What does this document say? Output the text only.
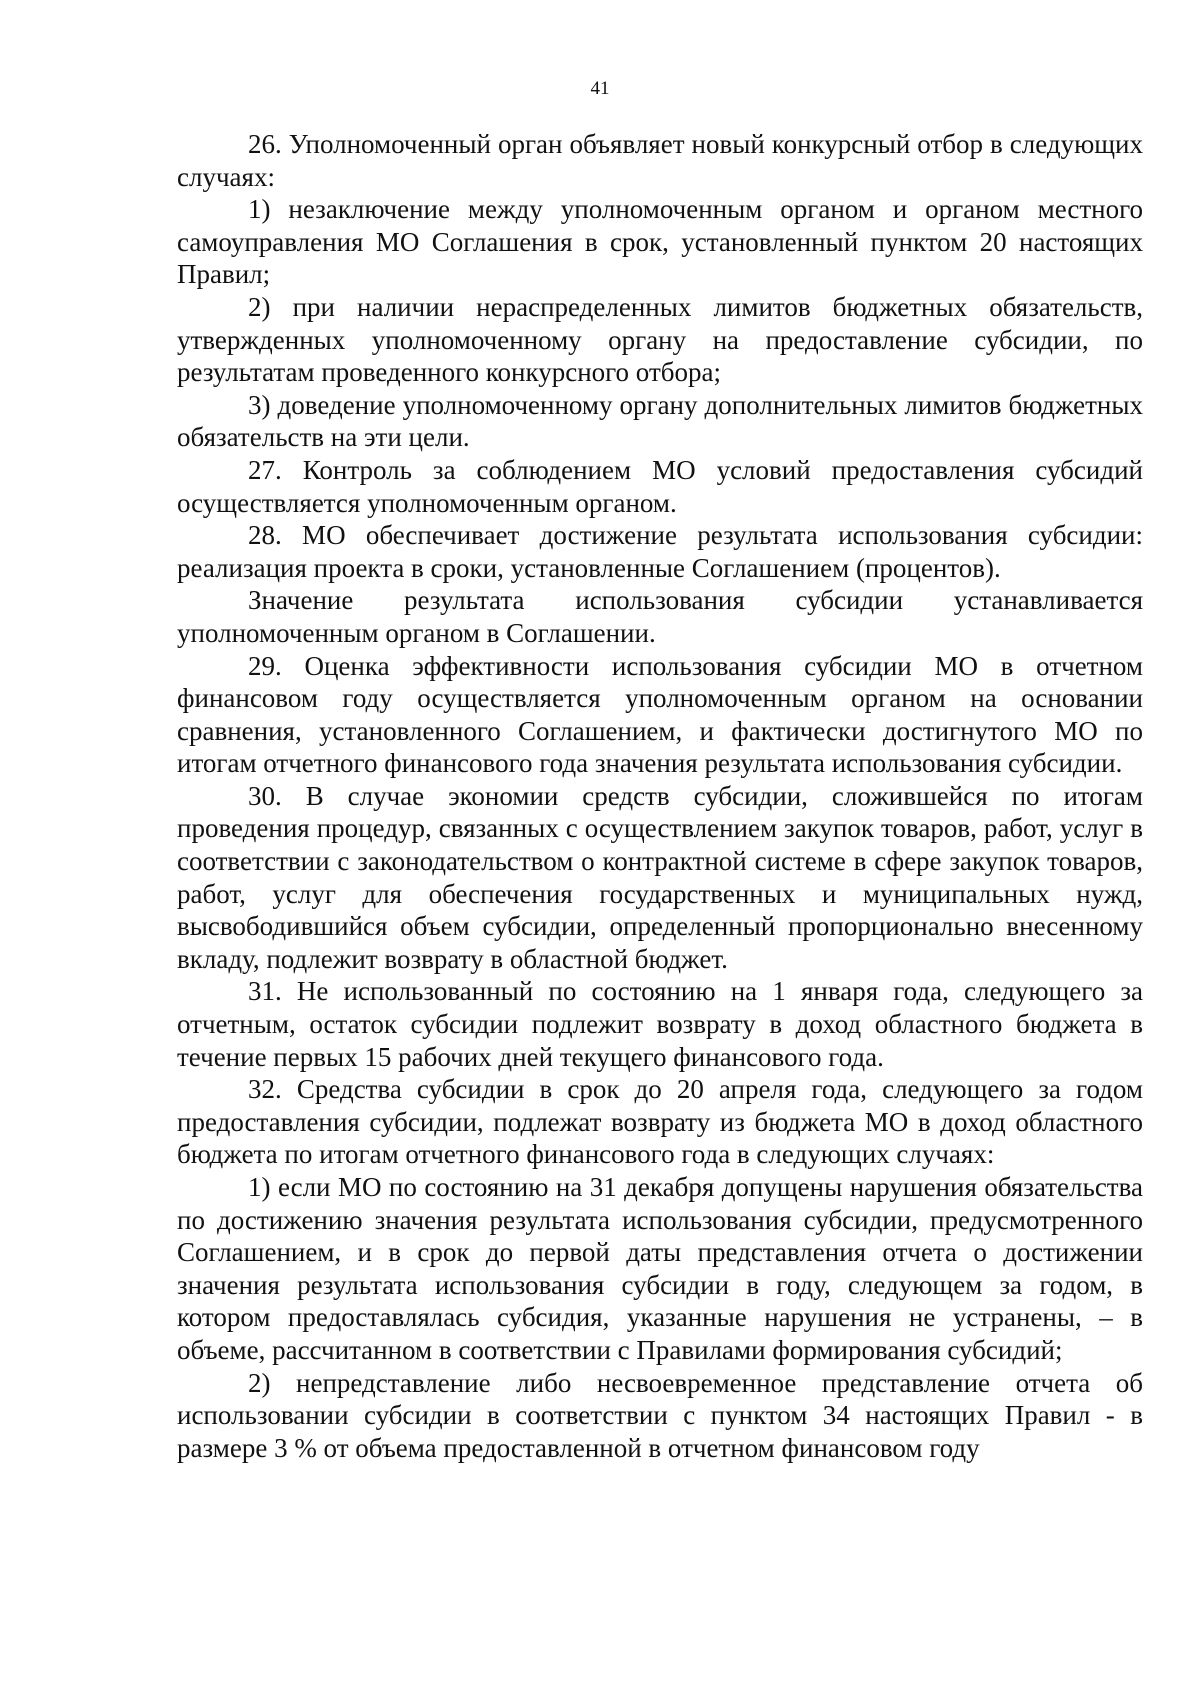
41

26. Уполномоченный орган объявляет новый конкурсный отбор в следующих случаях:

1) незаключение между уполномоченным органом и органом местного самоуправления МО Соглашения в срок, установленный пунктом 20 настоящих Правил;

2) при наличии нераспределенных лимитов бюджетных обязательств, утвержденных уполномоченному органу на предоставление субсидии, по результатам проведенного конкурсного отбора;

3) доведение уполномоченному органу дополнительных лимитов бюджетных обязательств на эти цели.

27. Контроль за соблюдением МО условий предоставления субсидий осуществляется уполномоченным органом.

28. МО обеспечивает достижение результата использования субсидии: реализация проекта в сроки, установленные Соглашением (процентов).

Значение результата использования субсидии устанавливается уполномоченным органом в Соглашении.

29. Оценка эффективности использования субсидии МО в отчетном финансовом году осуществляется уполномоченным органом на основании сравнения, установленного Соглашением, и фактически достигнутого МО по итогам отчетного финансового года значения результата использования субсидии.

30. В случае экономии средств субсидии, сложившейся по итогам проведения процедур, связанных с осуществлением закупок товаров, работ, услуг в соответствии с законодательством о контрактной системе в сфере закупок товаров, работ, услуг для обеспечения государственных и муниципальных нужд, высвободившийся объем субсидии, определенный пропорционально внесенному вкладу, подлежит возврату в областной бюджет.

31. Не использованный по состоянию на 1 января года, следующего за отчетным, остаток субсидии подлежит возврату в доход областного бюджета в течение первых 15 рабочих дней текущего финансового года.

32. Средства субсидии в срок до 20 апреля года, следующего за годом предоставления субсидии, подлежат возврату из бюджета МО в доход областного бюджета по итогам отчетного финансового года в следующих случаях:

1) если МО по состоянию на 31 декабря допущены нарушения обязательства по достижению значения результата использования субсидии, предусмотренного Соглашением, и в срок до первой даты представления отчета о достижении значения результата использования субсидии в году, следующем за годом, в котором предоставлялась субсидия, указанные нарушения не устранены, – в объеме, рассчитанном в соответствии с Правилами формирования субсидий;

2) непредставление либо несвоевременное представление отчета об использовании субсидии в соответствии с пунктом 34 настоящих Правил - в размере 3 % от объема предоставленной в отчетном финансовом году
